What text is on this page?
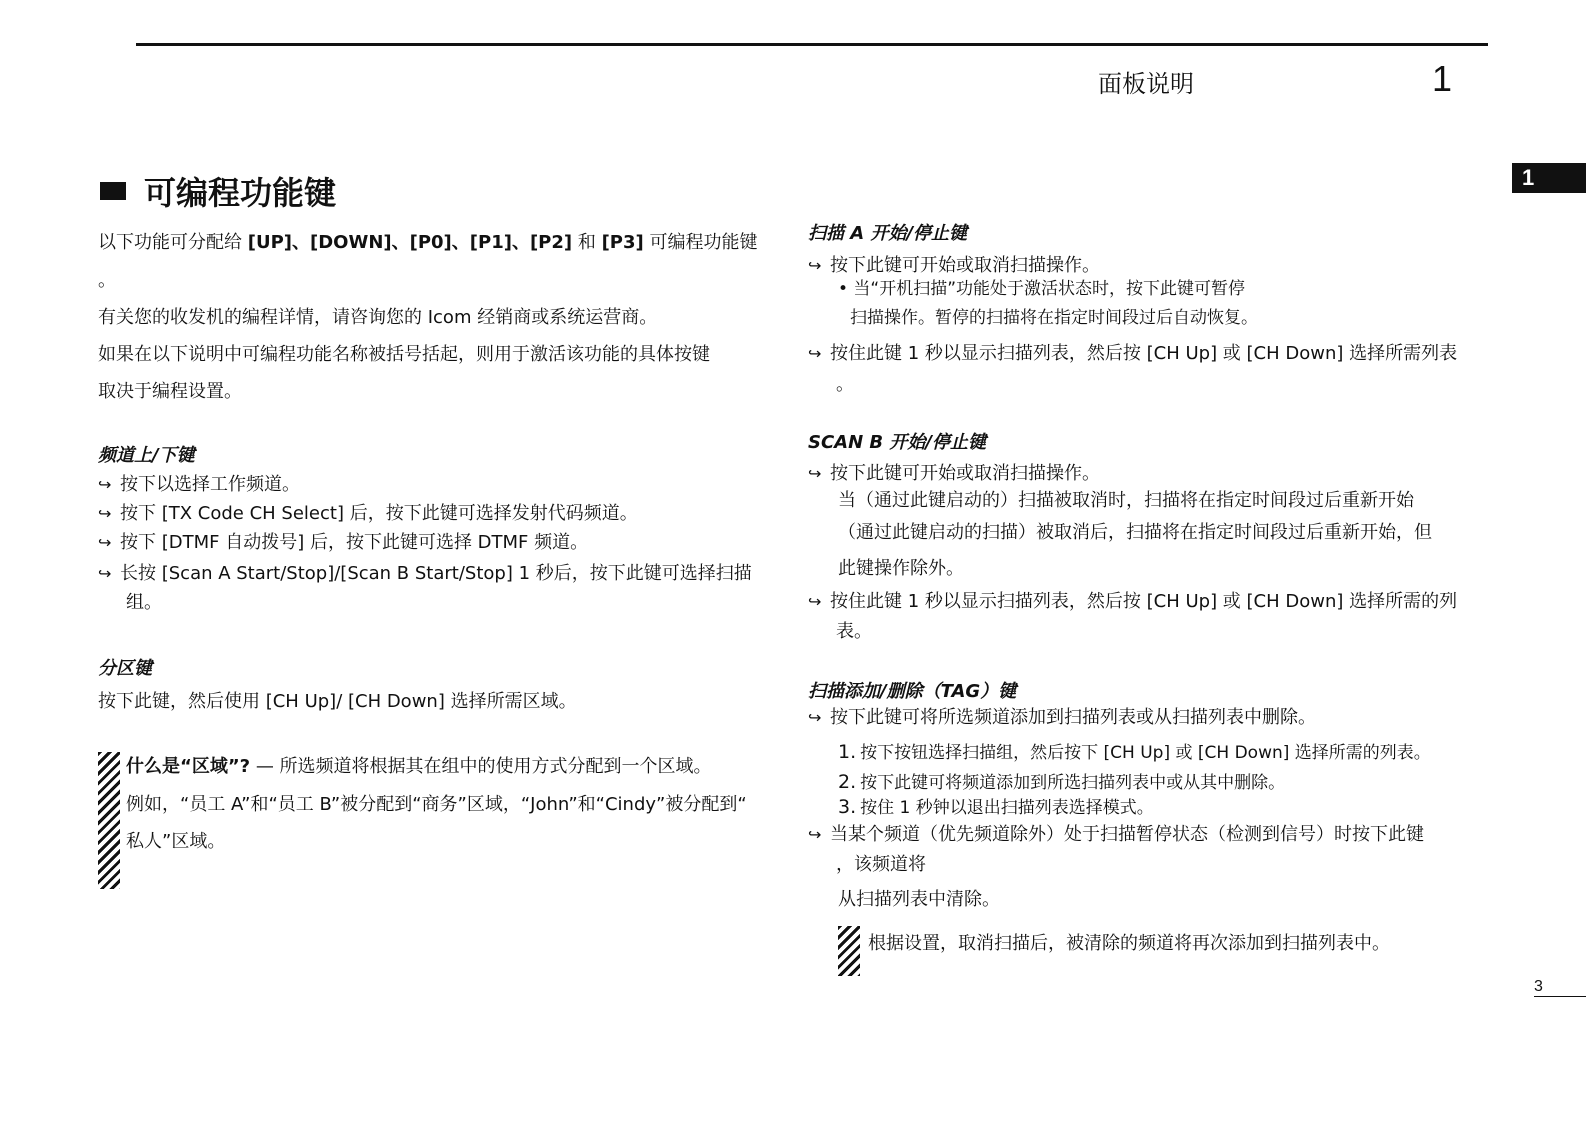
面板说明	1
1
可编程功能键
以下功能可分配给 [UP]、[DOWN]、[P0]、[P1]、[P2] 和 [P3] 可编程功能键
。
有关您的收发机的编程详情，请咨询您的 Icom 经销商或系统运营商。
如果在以下说明中可编程功能名称被括号括起，则用于激活该功能的具体按键
取决于编程设置。
频道上/下键
↪ 按下以选择工作频道。
↪ 按下 [TX Code CH Select] 后，按下此键可选择发射代码频道。
↪ 按下 [DTMF 自动拨号] 后，按下此键可选择 DTMF 频道。
↪ 长按 [Scan A Start/Stop]/[Scan B Start/Stop] 1 秒后，按下此键可选择扫描
组。
分区键
按下此键，然后使用 [CH Up]/ [CH Down] 选择所需区域。
什么是“区域”? — 所选频道将根据其在组中的使用方式分配到一个区域。
例如，“员工 A”和“员工 B”被分配到“商务”区域，“John”和“Cindy”被分配到“
私人”区域。
扫描 A 开始/停止键
↪ 按下此键可开始或取消扫描操作。
• 当“开机扫描”功能处于激活状态时，按下此键可暂停
扫描操作。暂停的扫描将在指定时间段过后自动恢复。
↪ 按住此键 1 秒以显示扫描列表，然后按 [CH Up] 或 [CH Down] 选择所需列表
。
SCAN B 开始/停止键
↪ 按下此键可开始或取消扫描操作。
当（通过此键启动的）扫描被取消时，扫描将在指定时间段过后重新开始
（通过此键启动的扫描）被取消后，扫描将在指定时间段过后重新开始，但
此键操作除外。
↪ 按住此键 1 秒以显示扫描列表，然后按 [CH Up] 或 [CH Down] 选择所需的列
表。
扫描添加/删除（TAG）键
↪ 按下此键可将所选频道添加到扫描列表或从扫描列表中删除。
1. 按下按钮选择扫描组，然后按下 [CH Up] 或 [CH Down] 选择所需的列表。
2. 按下此键可将频道添加到所选扫描列表中或从其中删除。
3. 按住 1 秒钟以退出扫描列表选择模式。
↪ 当某个频道（优先频道除外）处于扫描暂停状态（检测到信号）时按下此键
，该频道将
从扫描列表中清除。
根据设置，取消扫描后，被清除的频道将再次添加到扫描列表中。
3
